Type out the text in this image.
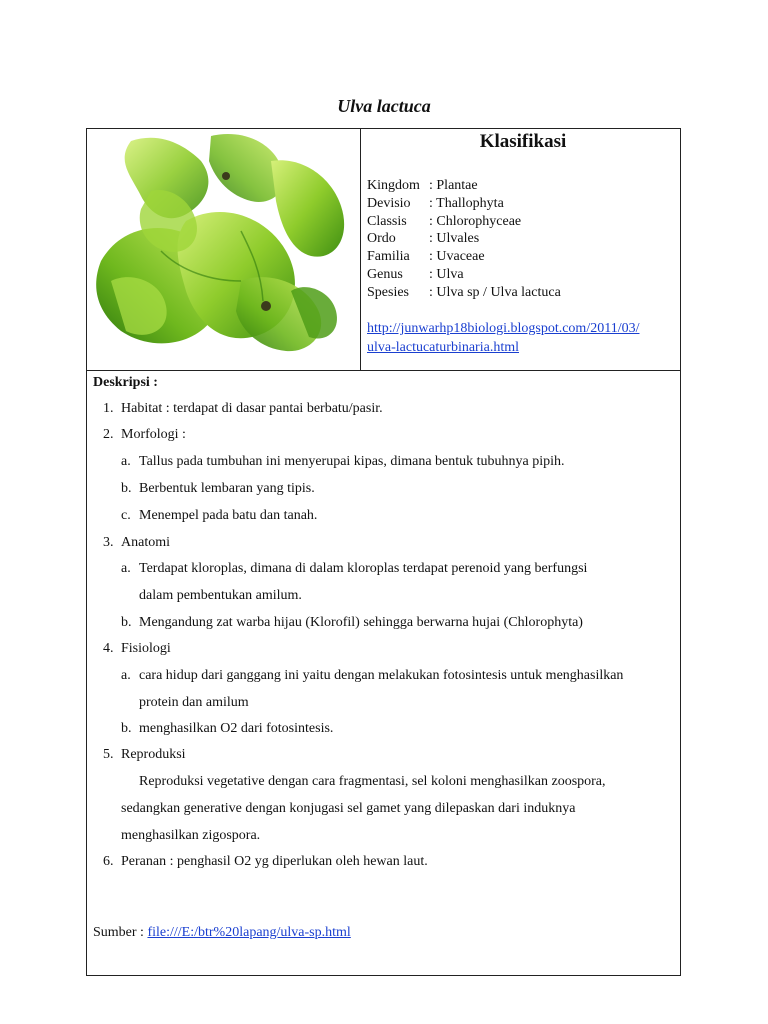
Ulva lactuca
Klasifikasi
Kingdom : Plantae
Devisio	: Thallophyta
Classis	: Chlorophyceae
Ordo	: Ulvales
Familia	: Uvaceae
Genus	: Ulva
Spesies	: Ulva sp / Ulva lactuca
http://junwarhp18biologi.blogspot.com/2011/03/
ulva-lactucaturbinaria.html
Deskripsi :
1. Habitat : terdapat di dasar pantai berbatu/pasir.
2. Morfologi :
a. Tallus pada tumbuhan ini menyerupai kipas, dimana bentuk tubuhnya pipih.
b. Berbentuk lembaran yang tipis.
c. Menempel pada batu dan tanah.
3. Anatomi
a. Terdapat kloroplas, dimana di dalam kloroplas terdapat perenoid yang berfungsi
dalam pembentukan amilum.
b. Mengandung zat warba hijau (Klorofil) sehingga berwarna hujai (Chlorophyta)
4. Fisiologi
a. cara hidup dari ganggang ini yaitu dengan melakukan fotosintesis untuk menghasilkan
protein dan amilum
b. menghasilkan O2 dari fotosintesis.
5. Reproduksi
Reproduksi vegetative dengan cara fragmentasi, sel koloni menghasilkan zoospora,
sedangkan generative dengan konjugasi sel gamet yang dilepaskan dari induknya
menghasilkan zigospora.
6. Peranan : penghasil O2 yg diperlukan oleh hewan laut.
Sumber : file:///E:/btr%20lapang/ulva-sp.html
